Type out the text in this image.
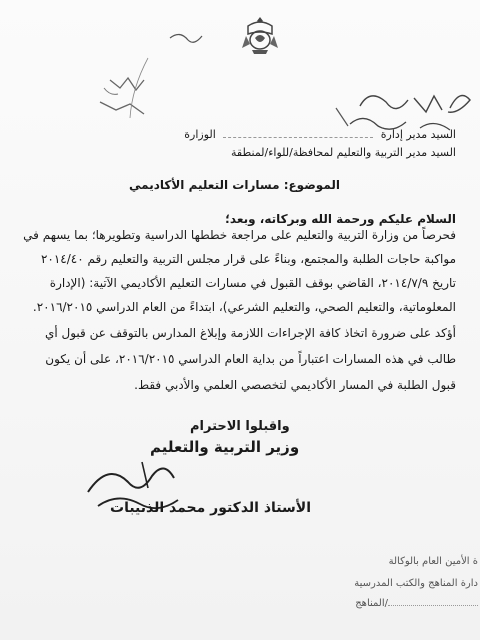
السيد مدير إدارة  الوزارة
السيد مدير التربية والتعليم لمحافظة/للواء/لمنطقة
الموضوع: مسارات التعليم الأكاديمي
السلام عليكم ورحمة الله وبركاته، وبعد؛
فحرصاً من وزارة التربية والتعليم على مراجعة خططها الدراسية وتطويرها؛ بما يسهم في
مواكبة حاجات الطلبة والمجتمع، وبناءً على قرار مجلس التربية والتعليم رقم ٢٠١٤/٤٠
تاريخ ٢٠١٤/٧/٩، القاضي بوقف القبول في مسارات التعليم الأكاديمي الآتية: (الإدارة
المعلوماتية، والتعليم الصحي، والتعليم الشرعي)، ابتداءً من العام الدراسي ٢٠١٦/٢٠١٥.
أؤكد على ضرورة اتخاذ كافة الإجراءات اللازمة وإبلاغ المدارس بالتوقف عن قبول أي
طالب في هذه المسارات اعتباراً من بداية العام الدراسي ٢٠١٦/٢٠١٥، على أن يكون
قبول الطلبة في المسار الأكاديمي لتخصصي العلمي والأدبي فقط.
واقبلوا الاحترام
وزير التربية والتعليم
الأستاذ الدكتور محمد الذنيبات
ة الأمين العام بالوكالة
دارة المناهج والكتب المدرسية
/المناهج
